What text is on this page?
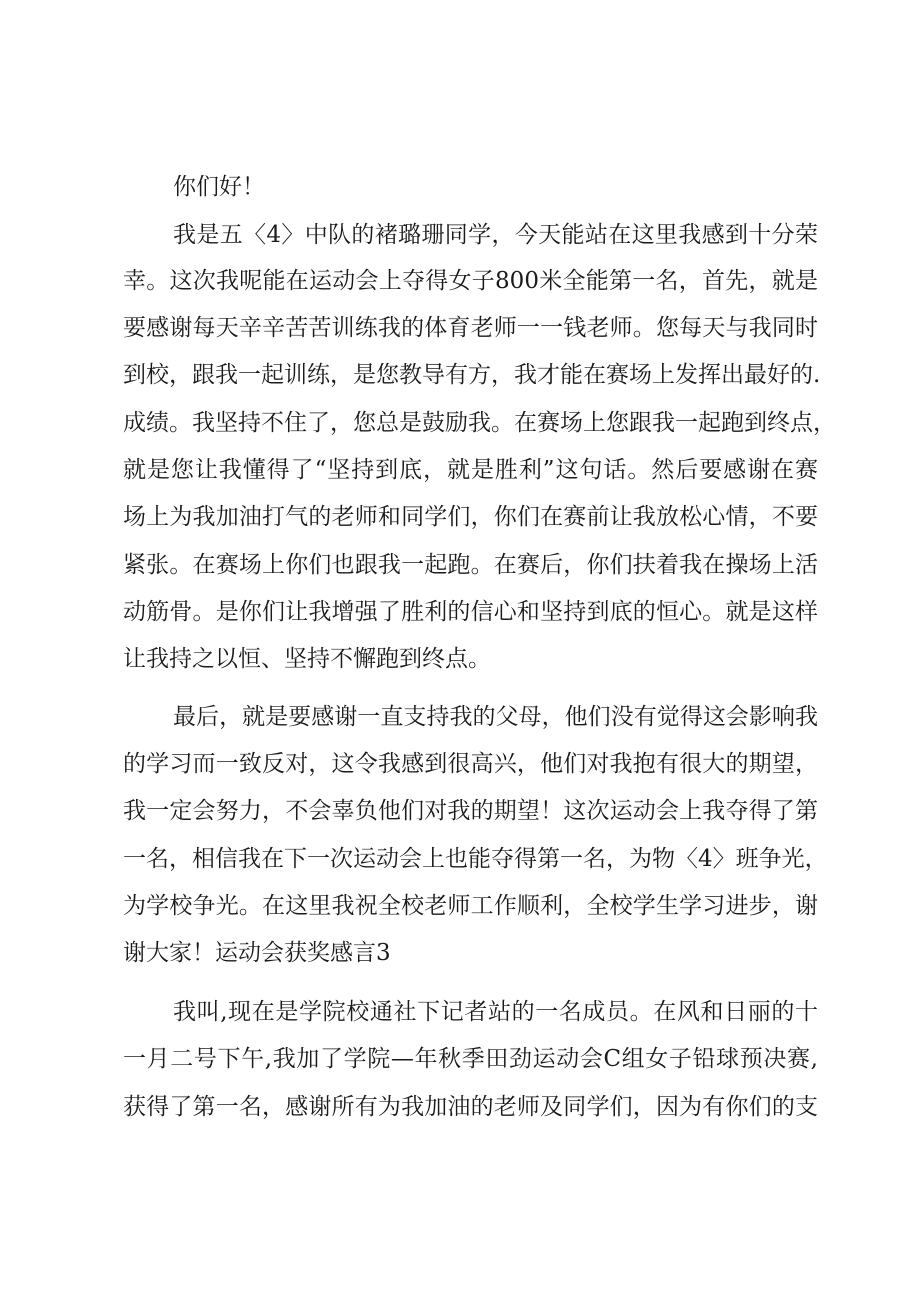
你们好！
我是五〈4〉中队的褚璐珊同学，今天能站在这里我感到十分荣
幸。这次我呢能在运动会上夺得女子800米全能第一名，首先，就是
要感谢每天辛辛苦苦训练我的体育老师一一钱老师。您每天与我同时
到校，跟我一起训练，是您教导有方，我才能在赛场上发挥出最好的.
成绩。我坚持不住了，您总是鼓励我。在赛场上您跟我一起跑到终点，
就是您让我懂得了“坚持到底，就是胜利”这句话。然后要感谢在赛
场上为我加油打气的老师和同学们，你们在赛前让我放松心情，不要
紧张。在赛场上你们也跟我一起跑。在赛后，你们扶着我在操场上活
动筋骨。是你们让我增强了胜利的信心和坚持到底的恒心。就是这样
让我持之以恒、坚持不懈跑到终点。
最后，就是要感谢一直支持我的父母，他们没有觉得这会影响我
的学习而一致反对，这令我感到很高兴，他们对我抱有很大的期望，
我一定会努力，不会辜负他们对我的期望！这次运动会上我夺得了第
一名，相信我在下一次运动会上也能夺得第一名，为物〈4〉班争光，
为学校争光。在这里我祝全校老师工作顺利，全校学生学习进步，谢
谢大家！运动会获奖感言3
我叫,现在是学院校通社下记者站的一名成员。在风和日丽的十
一月二号下午,我加了学院—年秋季田劲运动会C组女子铅球预决赛,
获得了第一名，感谢所有为我加油的老师及同学们，因为有你们的支
